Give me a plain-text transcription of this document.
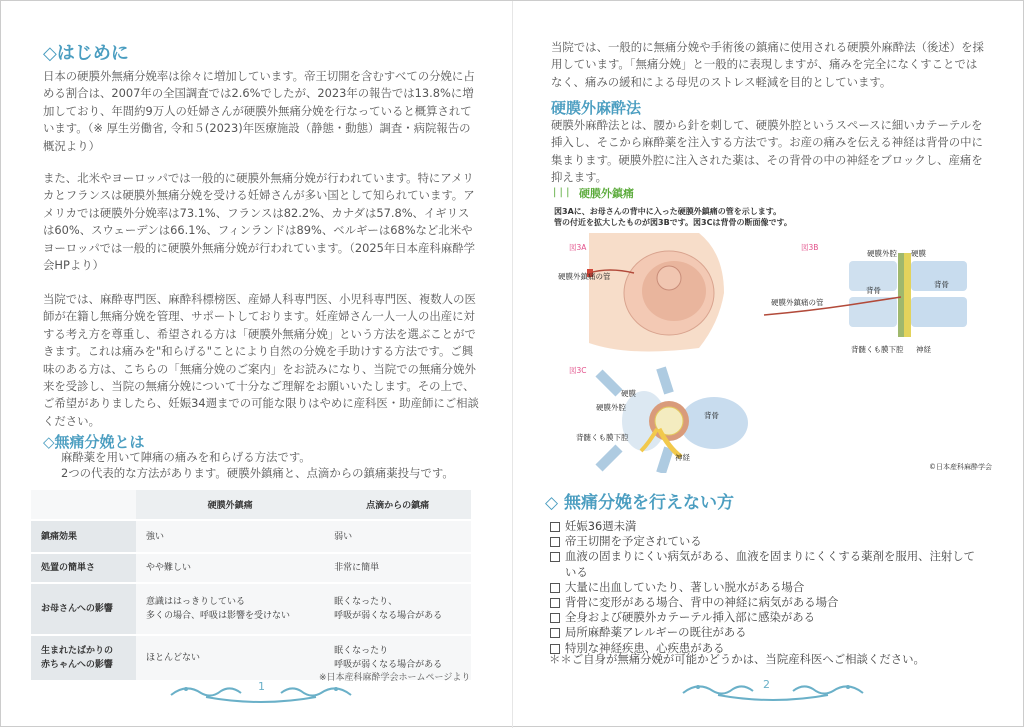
◇はじめに
日本の硬膜外無痛分娩率は徐々に増加しています。帝王切開を含むすべての分娩に占
める割合は、2007年の全国調査では2.6%でしたが、2023年の報告では13.8%に増
加しており、年間約9万人の妊婦さんが硬膜外無痛分娩を行なっていると概算されて
います。（※ 厚生労働省, 令和５(2023)年医療施設（静態・動態）調査・病院報告の
概況より）
また、北米やヨーロッパでは一般的に硬膜外無痛分娩が行われています。特にアメリ
カとフランスは硬膜外無痛分娩を受ける妊婦さんが多い国として知られています。ア
メリカでは硬膜外分娩率は73.1%、フランスは82.2%、カナダは57.8%、イギリス
は60%、スウェーデンは66.1%、フィンランドは89%、ベルギーは68%など北米や
ヨーロッパでは一般的に硬膜外無痛分娩が行われています。（2025年日本産科麻酔学
会HPより）
当院では、麻酔専門医、麻酔科標榜医、産婦人科専門医、小児科専門医、複数人の医
師が在籍し無痛分娩を管理、サポートしております。妊産婦さん一人一人の出産に対
する考え方を尊重し、希望される方は「硬膜外無痛分娩」という方法を選ぶことがで
きます。これは痛みを"和らげる"ことにより自然の分娩を手助けする方法です。ご興
味のある方は、こちらの「無痛分娩のご案内」をお読みになり、当院での無痛分娩外
来を受診し、当院の無痛分娩について十分なご理解をお願いいたします。その上で、
ご希望がありましたら、妊娠34週までの可能な限りはやめに産科医・助産師にご相談
ください。
◇無痛分娩とは
麻酔薬を用いて陣痛の痛みを和らげる方法です。
2つの代表的な方法があります。硬膜外鎮痛と、点滴からの鎮痛薬投与です。
	硬膜外鎮痛	点滴からの鎮痛
鎮痛効果	強い	弱い
処置の簡単さ	やや難しい	非常に簡単
お母さんへの影響	意識ははっきりしている
多くの場合、呼吸は影響を受けない	眠くなったり、
呼吸が弱くなる場合がある
生まれたばかりの
赤ちゃんへの影響	ほとんどない	眠くなったり
呼吸が弱くなる場合がある
※日本産科麻酔学会ホームページより
1
当院では、一般的に無痛分娩や手術後の鎮痛に使用される硬膜外麻酔法（後述）を採
用しています。「無痛分娩」と一般的に表現しますが、痛みを完全になくすことでは
なく、痛みの緩和による母児のストレス軽減を目的としています。
硬膜外麻酔法
硬膜外麻酔法とは、腰から針を刺して、硬膜外腔というスペースに細いカテーテルを
挿入し、そこから麻酔薬を注入する方法です。お産の痛みを伝える神経は背骨の中に
集まります。硬膜外腔に注入された薬は、その背骨の中の神経をブロックし、産痛を
抑えます。
| | | 硬膜外鎮痛
図3Aに、お母さんの背中に入った硬膜外鎮痛の管を示します。
管の付近を拡大したものが図3Bです。図3Cは背骨の断面像です。
図3A	図3B
図3C
硬膜外鎮痛の管
硬膜外鎮痛の管
硬膜外腔 硬膜
背骨
背骨
背髄くも膜下腔 神経
硬膜
硬膜外腔
背髄くも膜下腔
背骨
神経
©日本産科麻酔学会
◇ 無痛分娩を行えない方
妊娠36週未満
帝王切開を予定されている
血液の固まりにくい病気がある、血液を固まりにくくする薬剤を服用、注射して
いる
大量に出血していたり、著しい脱水がある場合
背骨に変形がある場合、背中の神経に病気がある場合
全身および硬膜外カテーテル挿入部に感染がある
局所麻酔薬アレルギーの既往がある
特別な神経疾患、心疾患がある
＊＊ご自身が無痛分娩が可能かどうかは、当院産科医へご相談ください。
2
